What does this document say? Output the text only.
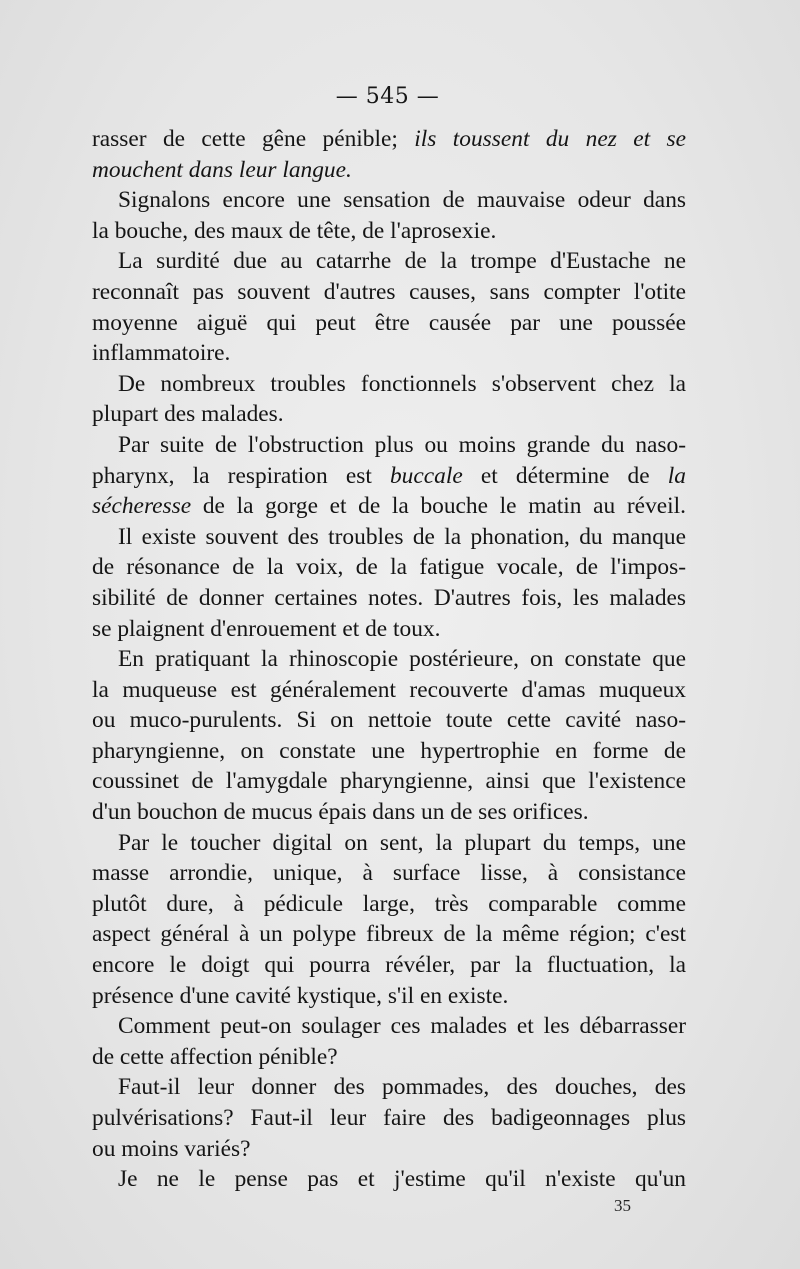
— 545 —
rasser de cette gêne pénible; ils toussent du nez et se
mouchent dans leur langue.
Signalons encore une sensation de mauvaise odeur dans
la bouche, des maux de tête, de l'aprosexie.
La surdité due au catarrhe de la trompe d'Eustache ne
reconnaît pas souvent d'autres causes, sans compter l'otite
moyenne aiguë qui peut être causée par une poussée
inflammatoire.
De nombreux troubles fonctionnels s'observent chez la
plupart des malades.
Par suite de l'obstruction plus ou moins grande du naso-
pharynx, la respiration est buccale et détermine de la
sécheresse de la gorge et de la bouche le matin au réveil.
Il existe souvent des troubles de la phonation, du manque
de résonance de la voix, de la fatigue vocale, de l'impos-
sibilité de donner certaines notes. D'autres fois, les malades
se plaignent d'enrouement et de toux.
En pratiquant la rhinoscopie postérieure, on constate que
la muqueuse est généralement recouverte d'amas muqueux
ou muco-purulents. Si on nettoie toute cette cavité naso-
pharyngienne, on constate une hypertrophie en forme de
coussinet de l'amygdale pharyngienne, ainsi que l'existence
d'un bouchon de mucus épais dans un de ses orifices.
Par le toucher digital on sent, la plupart du temps, une
masse arrondie, unique, à surface lisse, à consistance
plutôt dure, à pédicule large, très comparable comme
aspect général à un polype fibreux de la même région; c'est
encore le doigt qui pourra révéler, par la fluctuation, la
présence d'une cavité kystique, s'il en existe.
Comment peut-on soulager ces malades et les débarrasser
de cette affection pénible?
Faut-il leur donner des pommades, des douches, des
pulvérisations? Faut-il leur faire des badigeonnages plus
ou moins variés?
Je ne le pense pas et j'estime qu'il n'existe qu'un
35
